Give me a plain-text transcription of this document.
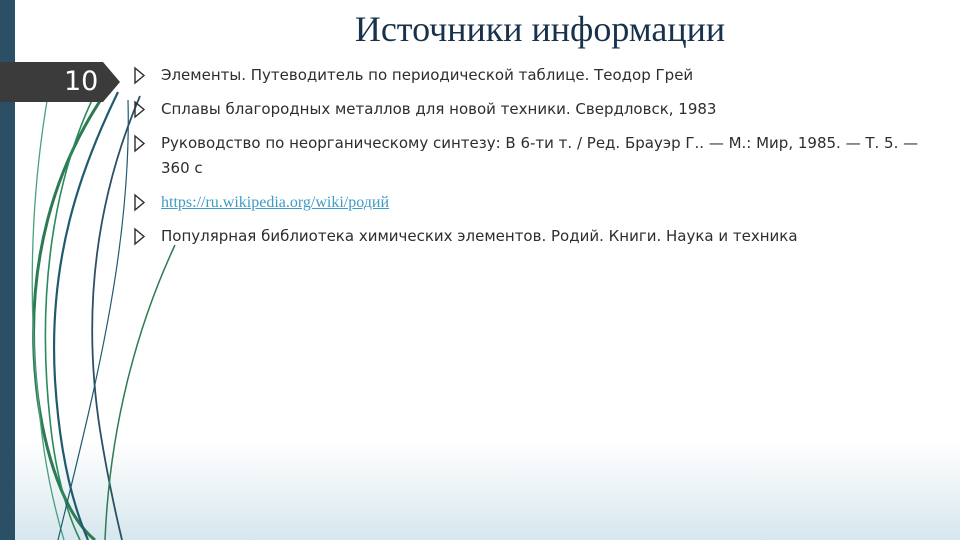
10
Источники информации
Элементы. Путеводитель по периодической таблице. Теодор Грей
Сплавы благородных металлов для новой техники. Свердловск, 1983
Руководство по неорганическому синтезу: В 6-ти т. / Ред. Брауэр Г.. — М.: Мир, 1985. — Т. 5. — 360 с
https://ru.wikipedia.org/wiki/родий
Популярная библиотека химических элементов. Родий. Книги. Наука и техника
